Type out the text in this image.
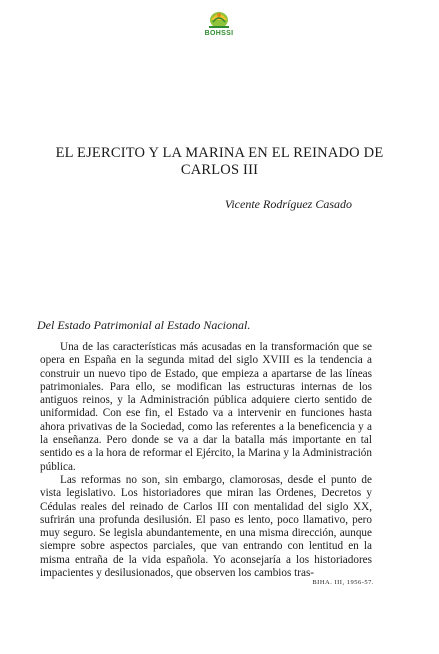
BOHSSI
EL EJERCITO Y LA MARINA EN EL REINADO DE
CARLOS III
Vicente Rodríguez Casado
Del Estado Patrimonial al Estado Nacional.

Una de las características más acusadas en la transformación que se opera en España en la segunda mitad del siglo XVIII es la tendencia a construir un nuevo tipo de Estado, que empieza a apartarse de las líneas patrimoniales. Para ello, se modifican las estructuras internas de los antiguos reinos, y la Administración pública adquiere cierto sentido de uniformidad. Con ese fin, el Estado va a intervenir en funciones hasta ahora privativas de la Sociedad, como las referentes a la beneficencia y a la enseñanza. Pero donde se va a dar la batalla más importante en tal sentido es a la hora de reformar el Ejército, la Marina y la Administración pública.

Las reformas no son, sin embargo, clamorosas, desde el punto de vista legislativo. Los historiadores que miran las Ordenes, Decretos y Cédulas reales del reinado de Carlos III con mentalidad del siglo XX, sufrirán una profunda desilusión. El paso es lento, poco llamativo, pero muy seguro. Se legisla abundantemente, en una misma dirección, aunque siempre sobre aspectos parciales, que van entrando con lentitud en la misma entraña de la vida española. Yo aconsejaría a los historiadores impacientes y desilusionados, que observen los cambios tras-

BIHA. III, 1956-57.
